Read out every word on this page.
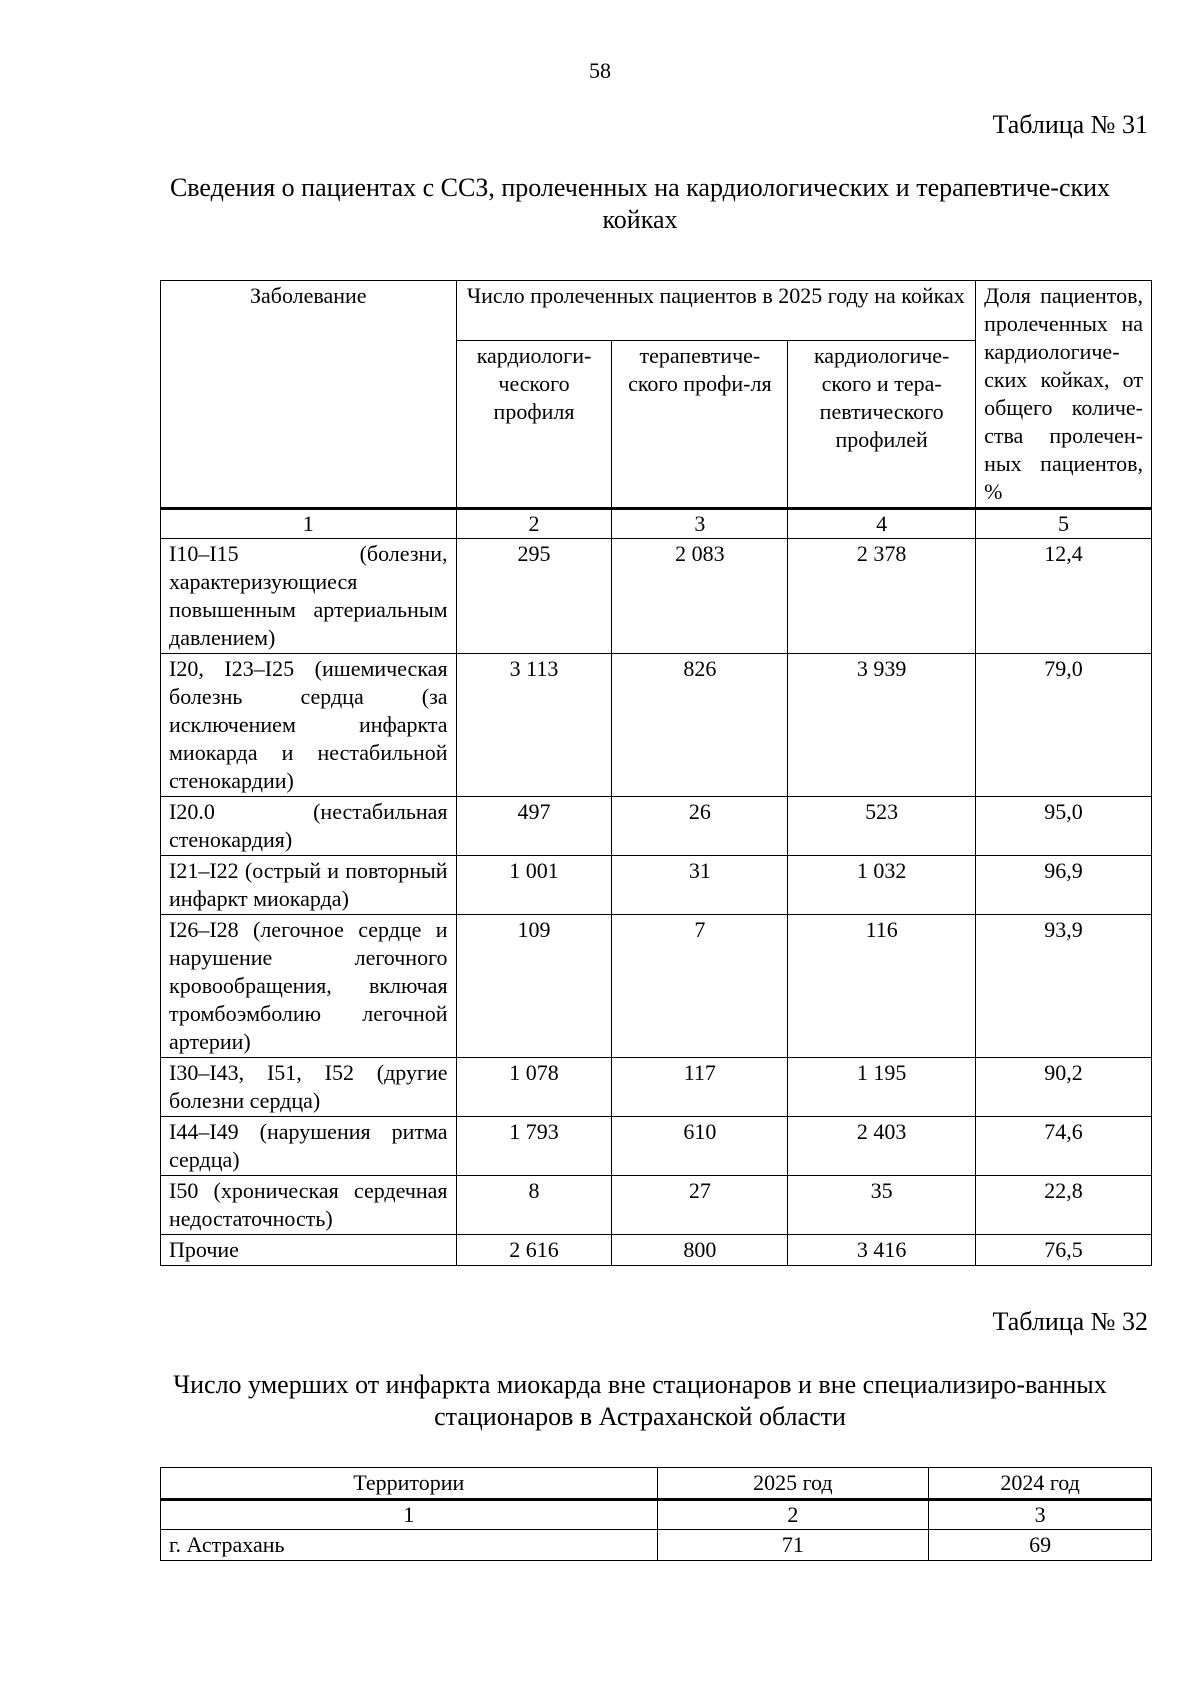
58
Таблица № 31
Сведения о пациентах с ССЗ, пролеченных на кардиологических и терапевтиче-ских койках
Заболевание	Число пролеченных пациентов в 2025 году на койках			Доля пациентов, пролеченных на кардиологиче-ских койках, от общего количе-ства пролечен-ных пациентов, %
	кардиологи-ческого профиля	терапевтиче-ского профи-ля	кардиологиче-ского и тера-певтического профилей	
1	2	3	4	5
I10–I15 (болезни, характеризующиеся повышенным артериальным давлением)	295	2 083	2 378	12,4
I20, I23–I25 (ишемическая болезнь сердца (за исключением инфаркта миокарда и нестабильной стенокардии)	3 113	826	3 939	79,0
I20.0 (нестабильная стенокардия)	497	26	523	95,0
I21–I22 (острый и повторный инфаркт миокарда)	1 001	31	1 032	96,9
I26–I28 (легочное сердце и нарушение легочного кровообращения, включая тромбоэмболию легочной артерии)	109	7	116	93,9
I30–I43, I51, I52 (другие болезни сердца)	1 078	117	1 195	90,2
I44–I49 (нарушения ритма сердца)	1 793	610	2 403	74,6
I50 (хроническая сердечная недостаточность)	8	27	35	22,8
Прочие	2 616	800	3 416	76,5
Таблица № 32
Число умерших от инфаркта миокарда вне стационаров и вне специализиро-ванных стационаров в Астраханской области
Территории	2025 год	2024 год
1	2	3
г. Астрахань	71	69
